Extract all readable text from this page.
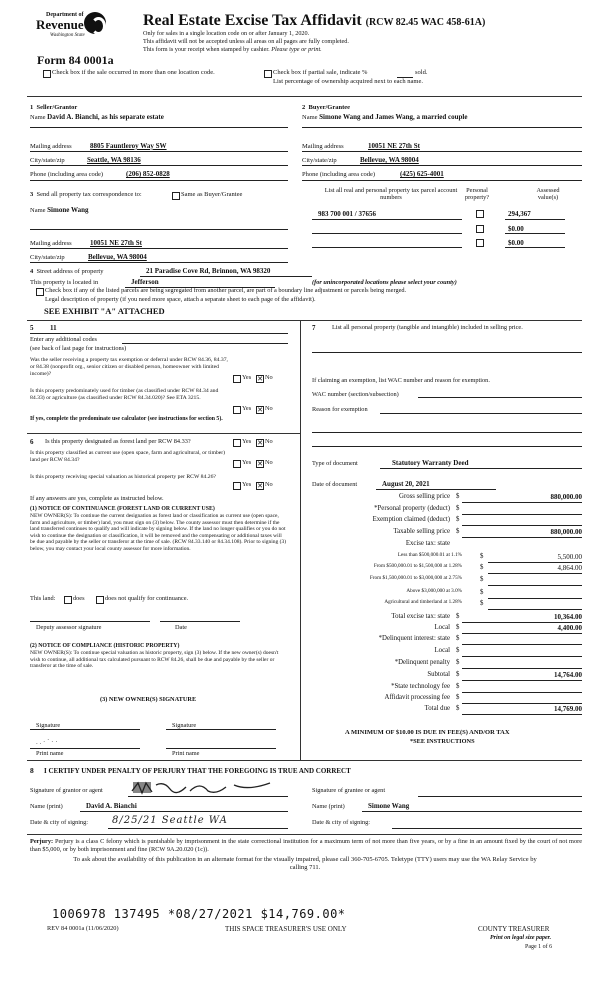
Department of
Revenue
Washington State
Real Estate Excise Tax Affidavit (RCW 82.45 WAC 458-61A)
Only for sales in a single location code on or after January 1, 2020.
This affidavit will not be accepted unless all areas on all pages are fully completed.
This form is your receipt when stamped by cashier. Please type or print.
Form 84 0001a
Check box if the sale occurred in more than one location code.	Check box if partial sale, indicate %	sold.
List percentage of ownership acquired next to each name.
1 Seller/Grantor
Name David A. Bianchi, as his separate estate
Mailing address	8805 Fauntleroy Way SW
City/state/zip	Seattle, WA 98136
Phone (including area code)	(206) 852-0828
2 Buyer/Grantee
Name Simone Wang and James Wang, a married couple
Mailing address	10051 NE 27th St
City/state/zip	Bellevue, WA 98004
Phone (including area code)	(425) 625-4001
3 Send all property tax correspondence to:	Same as Buyer/Grantee
Name Simone Wang
Mailing address	10051 NE 27th St
City/state/zip	Bellevue, WA 98004
List all real and personal property tax parcel account numbers
Personal property?
Assessed value(s)
983 700 001 / 37656	294,367
$0.00
$0.00
4 Street address of property	21 Paradise Cove Rd, Brinnon, WA 98320
This property is located in	Jefferson	(for unincorporated locations please select your county)
Check box if any of the listed parcels are being segregated from another parcel, are part of a boundary line adjustment or parcels being merged.
Legal description of property (if you need more space, attach a separate sheet to each page of the affidavit).
SEE EXHIBIT "A" ATTACHED
5 11
Enter any additional codes
(see back of last page for instructions)
Was the seller receiving a property tax exemption or deferral under RCW 84.36, 84.37, or 84.38 (nonprofit org., senior citizen or disabled person, homeowner with limited income)?
Yes ✕ No
Is this property predominately used for timber (as classified under RCW 84.34 and 84.33) or agriculture (as classified under RCW 84.34.020)? See ETA 3215.
Yes ✕ No
If yes, complete the predominate use calculator (see instructions for section 5).
6 Is this property designated as forest land per RCW 84.33?	Yes ✕ No
Is this property classified as current use (open space, farm and agricultural, or timber) land per RCW 84.34?	Yes ✕ No
Is this property receiving special valuation as historical property per RCW 84.26?
Yes ✕ No
If any answers are yes, complete as instructed below.
(1) NOTICE OF CONTINUANCE (FOREST LAND OR CURRENT USE)
NEW OWNER(S): To continue the current designation as forest land or classification as current use (open space, farm and agriculture, or timber) land, you must sign on (3) below. The county assessor must then determine if the land transferred continues to qualify and will indicate by signing below. If the land no longer qualifies or you do not wish to continue the designation or classification, it will be removed and the compensating or additional taxes will be due and payable by the seller or transferor at the time of sale. (RCW 84.33.140 or 84.34.108). Prior to signing (3) below, you may contact your local county assessor for more information.
This land:	does	does not qualify for continuance.
Deputy assessor signature	Date
(2) NOTICE OF COMPLIANCE (HISTORIC PROPERTY)
NEW OWNER(S): To continue special valuation as historic property, sign (3) below. If the new owner(s) doesn't wish to continue, all additional tax calculated pursuant to RCW 84.26, shall be due and payable by the seller or transferor at the time of sale.
(3) NEW OWNER(S) SIGNATURE
Signature	Signature
. . · ´ · ·
Print name	Print name
7	List all personal property (tangible and intangible) included in selling price.
If claiming an exemption, list WAC number and reason for exemption.
WAC number (section/subsection)
Reason for exemption
Type of document	Statutory Warranty Deed
Date of document	August 20, 2021
Gross selling price $	880,000.00
*Personal property (deduct) $
Exemption claimed (deduct) $
Taxable selling price $	880,000.00
Excise tax: state
Less than $500,000.01 at 1.1%	$	5,500.00
From $500,000.01 to $1,500,000 at 1.28%	$	4,864.00
From $1,500,000.01 to $3,000,000 at 2.75%	$
Above $3,000,000 at 3.0%	$
Agricultural and timberland at 1.28%	$
Total excise tax: state $	10,364.00
Local $	4,400.00
*Delinquent interest: state $
Local $
*Delinquent penalty $
Subtotal $	14,764.00
*State technology fee $
Affidavit processing fee $
Total due $	14,769.00
A MINIMUM OF $10.00 IS DUE IN FEE(S) AND/OR TAX
*SEE INSTRUCTIONS
8 I CERTIFY UNDER PENALTY OF PERJURY THAT THE FOREGOING IS TRUE AND CORRECT
Signature of grantor or agent	Signature of grantee or agent
Name (print)	David A. Bianchi	Name (print)	Simone Wang
Date & city of signing: 8/25/21 Seattle WA	Date & city of signing:
Perjury: Perjury is a class C felony which is punishable by imprisonment in the state correctional institution for a maximum term of not more than five years, or by a fine in an amount fixed by the court of not more than $5,000, or by both imprisonment and fine (RCW 9A.20.020 (1c)).
To ask about the availability of this publication in an alternate format for the visually impaired, please call 360-705-6705. Teletype (TTY) users may use the WA Relay Service by calling 711.
1006978 137495 *08/27/2021 $14,769.00*
REV 84 0001a (11/06/2020)	THIS SPACE TREASURER'S USE ONLY	COUNTY TREASURER
Print on legal size paper.
Page 1 of 6
